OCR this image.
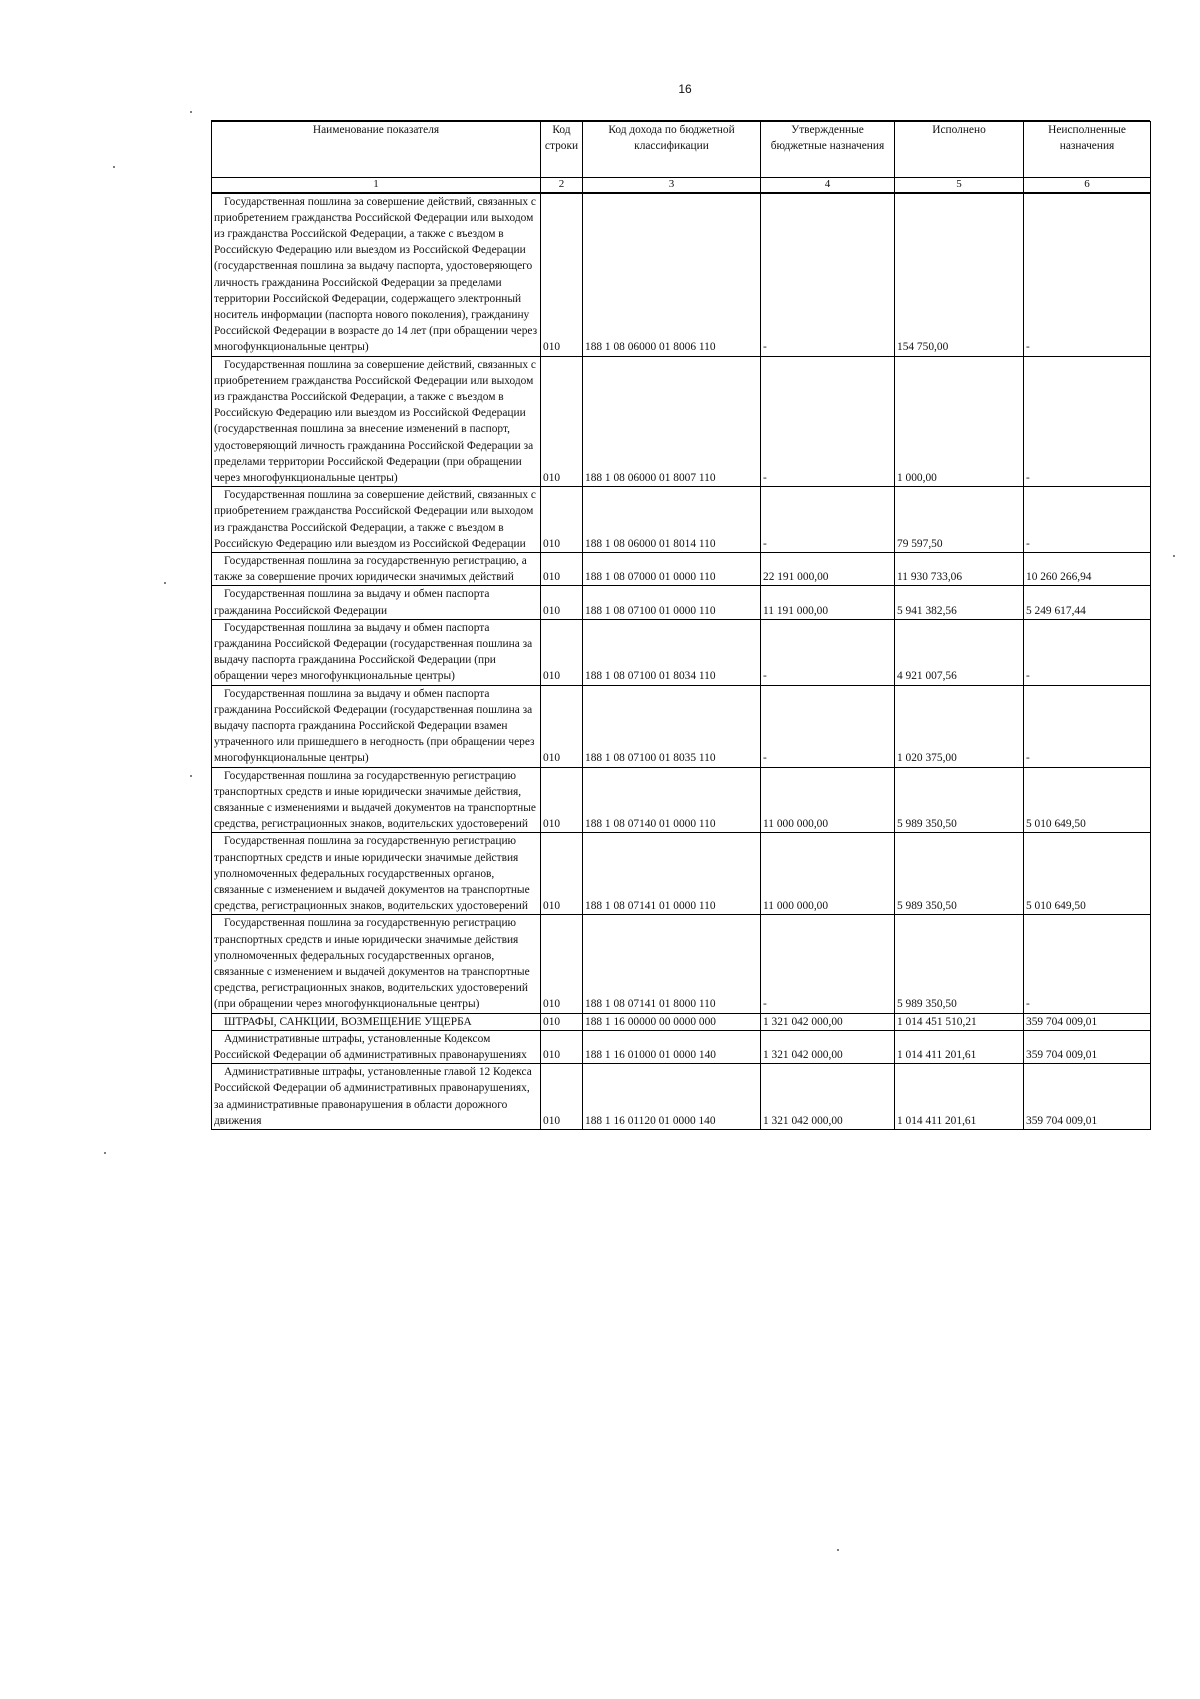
16
Наименование показателя	Код строки	Код дохода по бюджетной классификации	Утвержденные бюджетные назначения	Исполнено	Неисполненные назначения
1	2	3	4	5	6
Государственная пошлина за совершение действий, связанных с приобретением гражданства Российской Федерации или выходом из гражданства Российской Федерации, а также с въездом в Российскую Федерацию или выездом из Российской Федерации (государственная пошлина за выдачу паспорта, удостоверяющего личность гражданина Российской Федерации за пределами территории Российской Федерации, содержащего электронный носитель информации (паспорта нового поколения), гражданину Российской Федерации в возрасте до 14 лет (при обращении через многофункциональные центры)	010	188 1 08 06000 01 8006 110	-	154 750,00	-
Государственная пошлина за совершение действий, связанных с приобретением гражданства Российской Федерации или выходом из гражданства Российской Федерации, а также с въездом в Российскую Федерацию или выездом из Российской Федерации (государственная пошлина за внесение изменений в паспорт, удостоверяющий личность гражданина Российской Федерации за пределами территории Российской Федерации (при обращении через многофункциональные центры)	010	188 1 08 06000 01 8007 110	-	1 000,00	-
Государственная пошлина за совершение действий, связанных с приобретением гражданства Российской Федерации или выходом из гражданства Российской Федерации, а также с въездом в Российскую Федерацию или выездом из Российской Федерации	010	188 1 08 06000 01 8014 110	-	79 597,50	-
Государственная пошлина за государственную регистрацию, а также за совершение прочих юридически значимых действий	010	188 1 08 07000 01 0000 110	22 191 000,00	11 930 733,06	10 260 266,94
Государственная пошлина за выдачу и обмен паспорта гражданина Российской Федерации	010	188 1 08 07100 01 0000 110	11 191 000,00	5 941 382,56	5 249 617,44
Государственная пошлина за выдачу и обмен паспорта гражданина Российской Федерации (государственная пошлина за выдачу паспорта гражданина Российской Федерации (при обращении через многофункциональные центры)	010	188 1 08 07100 01 8034 110	-	4 921 007,56	-
Государственная пошлина за выдачу и обмен паспорта гражданина Российской Федерации (государственная пошлина за выдачу паспорта гражданина Российской Федерации взамен утраченного или пришедшего в негодность (при обращении через многофункциональные центры)	010	188 1 08 07100 01 8035 110	-	1 020 375,00	-
Государственная пошлина за государственную регистрацию транспортных средств и иные юридически значимые действия, связанные с изменениями и выдачей документов на транспортные средства, регистрационных знаков, водительских удостоверений	010	188 1 08 07140 01 0000 110	11 000 000,00	5 989 350,50	5 010 649,50
Государственная пошлина за государственную регистрацию транспортных средств и иные юридически значимые действия уполномоченных федеральных государственных органов, связанные с изменением и выдачей документов на транспортные средства, регистрационных знаков, водительских удостоверений	010	188 1 08 07141 01 0000 110	11 000 000,00	5 989 350,50	5 010 649,50
Государственная пошлина за государственную регистрацию транспортных средств и иные юридически значимые действия уполномоченных федеральных государственных органов, связанные с изменением и выдачей документов на транспортные средства, регистрационных знаков, водительских удостоверений (при обращении через многофункциональные центры)	010	188 1 08 07141 01 8000 110	-	5 989 350,50	-
ШТРАФЫ, САНКЦИИ, ВОЗМЕЩЕНИЕ УЩЕРБА	010	188 1 16 00000 00 0000 000	1 321 042 000,00	1 014 451 510,21	359 704 009,01
Административные штрафы, установленные Кодексом Российской Федерации об административных правонарушениях	010	188 1 16 01000 01 0000 140	1 321 042 000,00	1 014 411 201,61	359 704 009,01
Административные штрафы, установленные главой 12 Кодекса Российской Федерации об административных правонарушениях, за административные правонарушения в области дорожного движения	010	188 1 16 01120 01 0000 140	1 321 042 000,00	1 014 411 201,61	359 704 009,01
